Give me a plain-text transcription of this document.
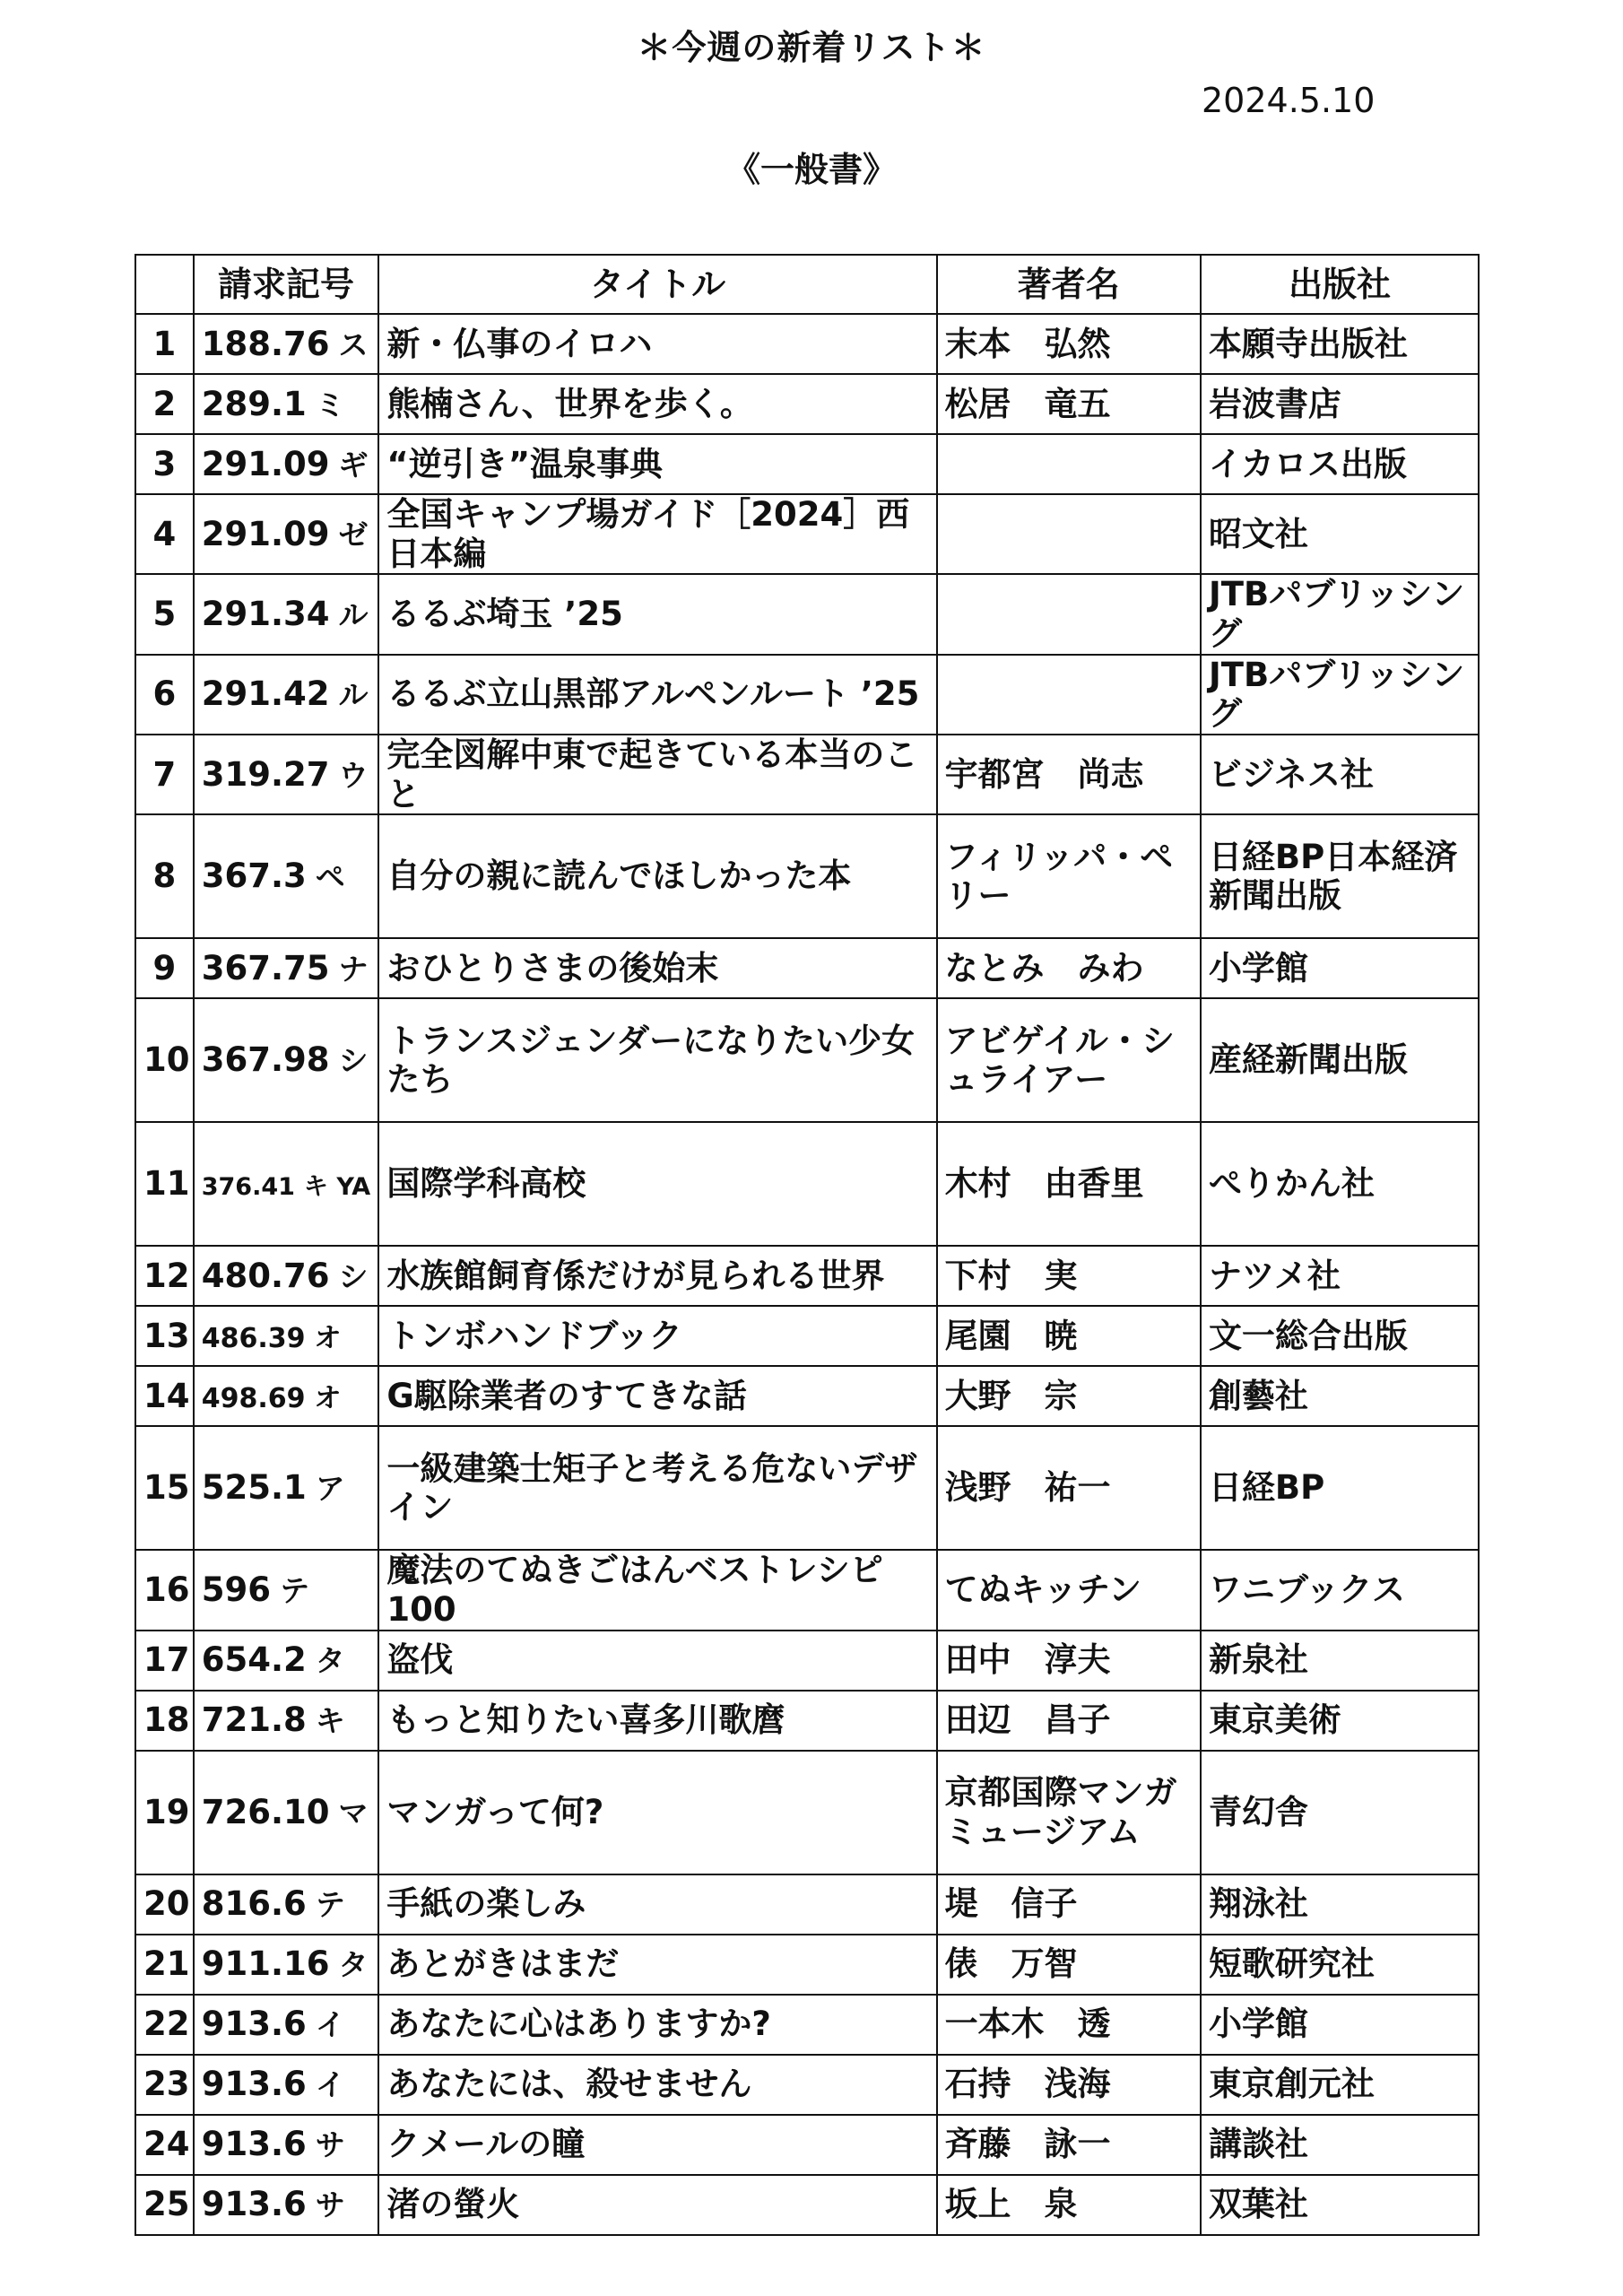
＊今週の新着リスト＊
2024.5.10
《一般書》
	請求記号	タイトル	著者名	出版社
1	188.76 ス	新・仏事のイロハ	末本　弘然	本願寺出版社
2	289.1 ミ	熊楠さん、世界を歩く。	松居　竜五	岩波書店
3	291.09 ギ	“逆引き”温泉事典		イカロス出版
4	291.09 ゼ	全国キャンプ場ガイド［2024］西日本編		昭文社
5	291.34 ル	るるぶ埼玉 ’25		JTBパブリッシング
6	291.42 ル	るるぶ立山黒部アルペンルート ’25		JTBパブリッシング
7	319.27 ウ	完全図解中東で起きている本当のこと	宇都宮　尚志	ビジネス社
8	367.3 ペ	自分の親に読んでほしかった本	フィリッパ・ペリー	日経BP日本経済新聞出版
9	367.75 ナ	おひとりさまの後始末	なとみ　みわ	小学館
10	367.98 シ	トランスジェンダーになりたい少女たち	アビゲイル・シュライアー	産経新聞出版
11	376.41 キ YA	国際学科高校	木村　由香里	ぺりかん社
12	480.76 シ	水族館飼育係だけが見られる世界	下村　実	ナツメ社
13	486.39 オ	トンボハンドブック	尾園　暁	文一総合出版
14	498.69 オ	G駆除業者のすてきな話	大野　宗	創藝社
15	525.1 ア	一級建築士矩子と考える危ないデザイン	浅野　祐一	日経BP
16	596 テ	魔法のてぬきごはんベストレシピ100	てぬキッチン	ワニブックス
17	654.2 タ	盗伐	田中　淳夫	新泉社
18	721.8 キ	もっと知りたい喜多川歌麿	田辺　昌子	東京美術
19	726.10 マ	マンガって何?	京都国際マンガミュージアム	青幻舎
20	816.6 テ	手紙の楽しみ	堤　信子	翔泳社
21	911.16 タ	あとがきはまだ	俵　万智	短歌研究社
22	913.6 イ	あなたに心はありますか?	一本木　透	小学館
23	913.6 イ	あなたには、殺せません	石持　浅海	東京創元社
24	913.6 サ	クメールの瞳	斉藤　詠一	講談社
25	913.6 サ	渚の螢火	坂上　泉	双葉社
